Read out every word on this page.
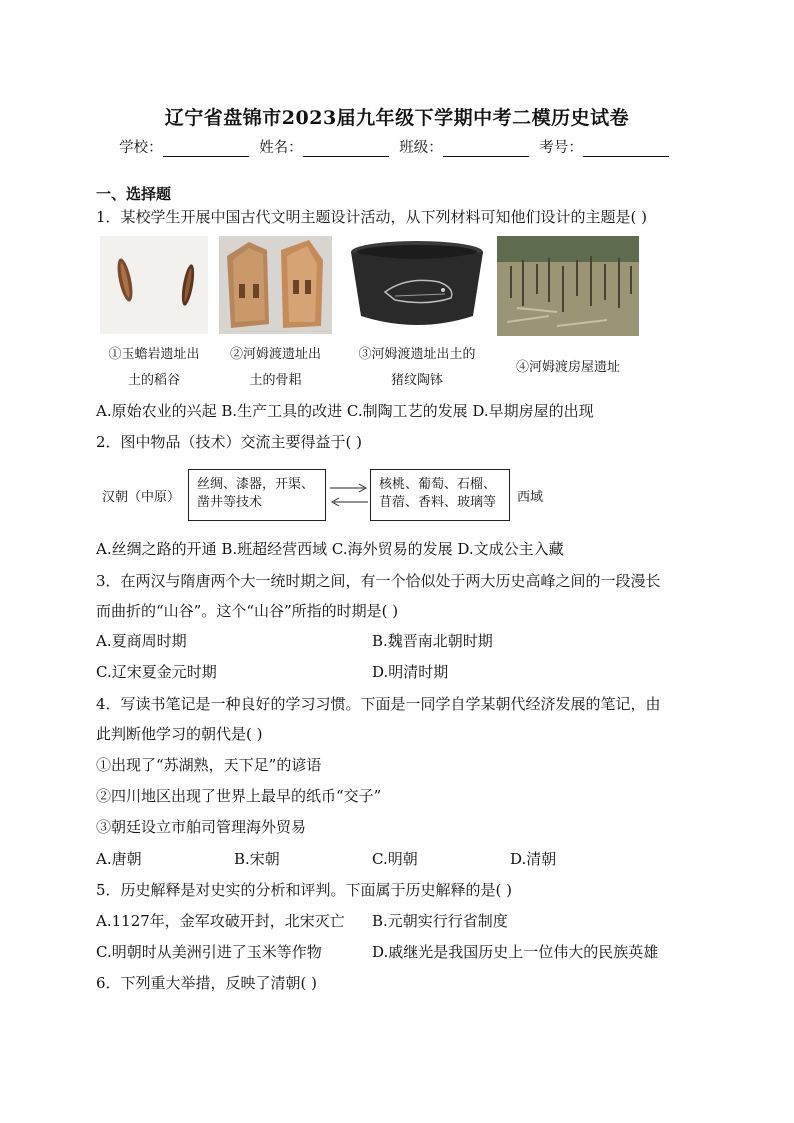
辽宁省盘锦市2023届九年级下学期中考二模历史试卷
学校：	姓名：	班级：	考号：
一、选择题
1．某校学生开展中国古代文明主题设计活动，从下列材料可知他们设计的主题是( )
①玉蟾岩遗址出
土的稻谷
②河姆渡遗址出
土的骨耜
③河姆渡遗址出土的
猪纹陶钵
④河姆渡房屋遗址
A.原始农业的兴起 B.生产工具的改进 C.制陶工艺的发展 D.早期房屋的出现
2．图中物品（技术）交流主要得益于( )
汉朝（中原）
丝绸、漆器，开渠、
凿井等技术
核桃、葡萄、石榴、
苜蓿、香料、玻璃等	西域
A.丝绸之路的开通 B.班超经营西域 C.海外贸易的发展 D.文成公主入藏
3．在两汉与隋唐两个大一统时期之间，有一个恰似处于两大历史高峰之间的一段漫长
而曲折的“山谷”。这个“山谷”所指的时期是( )
A.夏商周时期	B.魏晋南北朝时期
C.辽宋夏金元时期	D.明清时期
4．写读书笔记是一种良好的学习习惯。下面是一同学自学某朝代经济发展的笔记，由
此判断他学习的朝代是( )
①出现了“苏湖熟，天下足”的谚语
②四川地区出现了世界上最早的纸币“交子”
③朝廷设立市舶司管理海外贸易
A.唐朝	B.宋朝	C.明朝	D.清朝
5．历史解释是对史实的分析和评判。下面属于历史解释的是( )
A.1127年，金军攻破开封，北宋灭亡 B.元朝实行行省制度
C.明朝时从美洲引进了玉米等作物	D.戚继光是我国历史上一位伟大的民族英雄
6．下列重大举措，反映了清朝( )
